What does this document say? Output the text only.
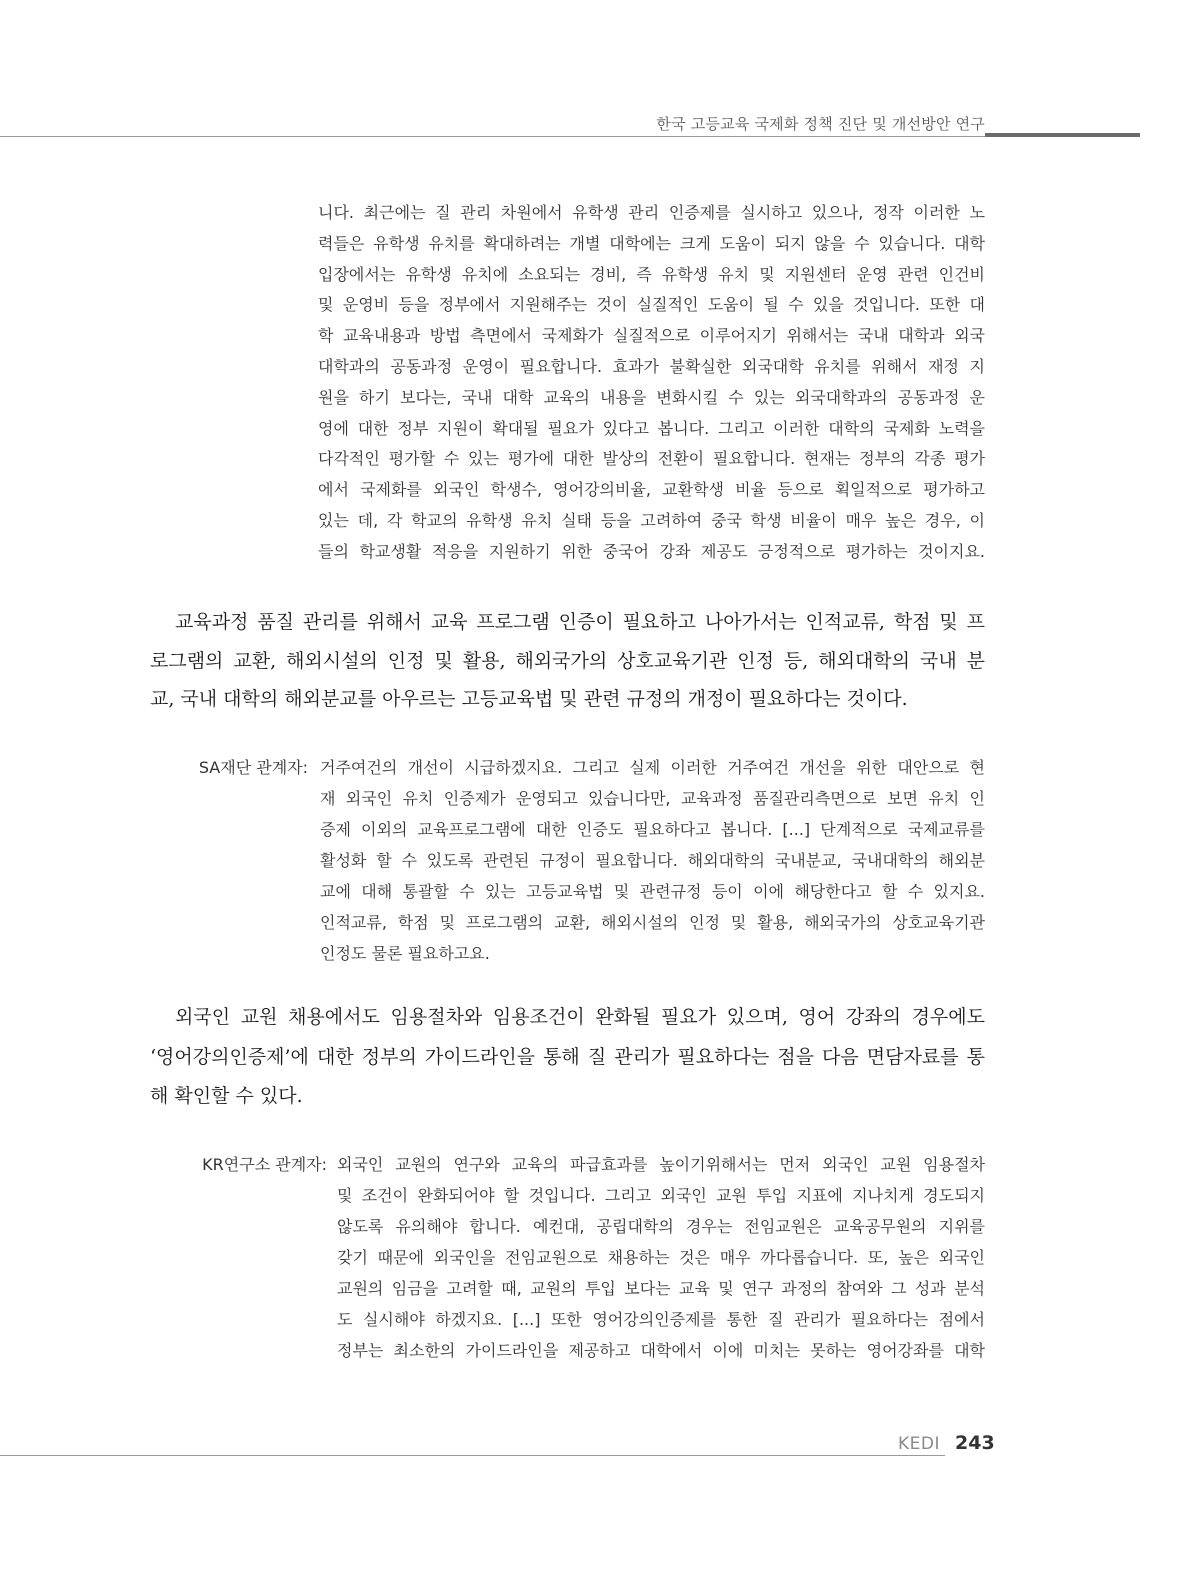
한국 고등교육 국제화 정책 진단 및 개선방안 연구
니다. 최근에는 질 관리 차원에서 유학생 관리 인증제를 실시하고 있으나, 정작 이러한 노
력들은 유학생 유치를 확대하려는 개별 대학에는 크게 도움이 되지 않을 수 있습니다. 대학
입장에서는 유학생 유치에 소요되는 경비, 즉 유학생 유치 및 지원센터 운영 관련 인건비
및 운영비 등을 정부에서 지원해주는 것이 실질적인 도움이 될 수 있을 것입니다. 또한 대
학 교육내용과 방법 측면에서 국제화가 실질적으로 이루어지기 위해서는 국내 대학과 외국
대학과의 공동과정 운영이 필요합니다. 효과가 불확실한 외국대학 유치를 위해서 재정 지
원을 하기 보다는, 국내 대학 교육의 내용을 변화시킬 수 있는 외국대학과의 공동과정 운
영에 대한 정부 지원이 확대될 필요가 있다고 봅니다. 그리고 이러한 대학의 국제화 노력을
다각적인 평가할 수 있는 평가에 대한 발상의 전환이 필요합니다. 현재는 정부의 각종 평가
에서 국제화를 외국인 학생수, 영어강의비율, 교환학생 비율 등으로 획일적으로 평가하고
있는 데, 각 학교의 유학생 유치 실태 등을 고려하여 중국 학생 비율이 매우 높은 경우, 이
들의 학교생활 적응을 지원하기 위한 중국어 강좌 제공도 긍정적으로 평가하는 것이지요.
교육과정 품질 관리를 위해서 교육 프로그램 인증이 필요하고 나아가서는 인적교류, 학점 및 프
로그램의 교환, 해외시설의 인정 및 활용, 해외국가의 상호교육기관 인정 등, 해외대학의 국내 분
교, 국내 대학의 해외분교를 아우르는 고등교육법 및 관련 규정의 개정이 필요하다는 것이다.
SA재단 관계자: 거주여건의 개선이 시급하겠지요. 그리고 실제 이러한 거주여건 개선을 위한 대안으로 현
재 외국인 유치 인증제가 운영되고 있습니다만, 교육과정 품질관리측면으로 보면 유치 인
증제 이외의 교육프로그램에 대한 인증도 필요하다고 봅니다. [...] 단계적으로 국제교류를
활성화 할 수 있도록 관련된 규정이 필요합니다. 해외대학의 국내분교, 국내대학의 해외분
교에 대해 통괄할 수 있는 고등교육법 및 관련규정 등이 이에 해당한다고 할 수 있지요.
인적교류, 학점 및 프로그램의 교환, 해외시설의 인정 및 활용, 해외국가의 상호교육기관
인정도 물론 필요하고요.
외국인 교원 채용에서도 임용절차와 임용조건이 완화될 필요가 있으며, 영어 강좌의 경우에도
‘영어강의인증제’에 대한 정부의 가이드라인을 통해 질 관리가 필요하다는 점을 다음 면담자료를 통
해 확인할 수 있다.
KR연구소 관계자: 외국인 교원의 연구와 교육의 파급효과를 높이기위해서는 먼저 외국인 교원 임용절차
및 조건이 완화되어야 할 것입니다. 그리고 외국인 교원 투입 지표에 지나치게 경도되지
않도록 유의해야 합니다. 예컨대, 공립대학의 경우는 전임교원은 교육공무원의 지위를
갖기 때문에 외국인을 전임교원으로 채용하는 것은 매우 까다롭습니다. 또, 높은 외국인
교원의 임금을 고려할 때, 교원의 투입 보다는 교육 및 연구 과정의 참여와 그 성과 분석
도 실시해야 하겠지요. [...] 또한 영어강의인증제를 통한 질 관리가 필요하다는 점에서
정부는 최소한의 가이드라인을 제공하고 대학에서 이에 미치는 못하는 영어강좌를 대학
KEDI 243
